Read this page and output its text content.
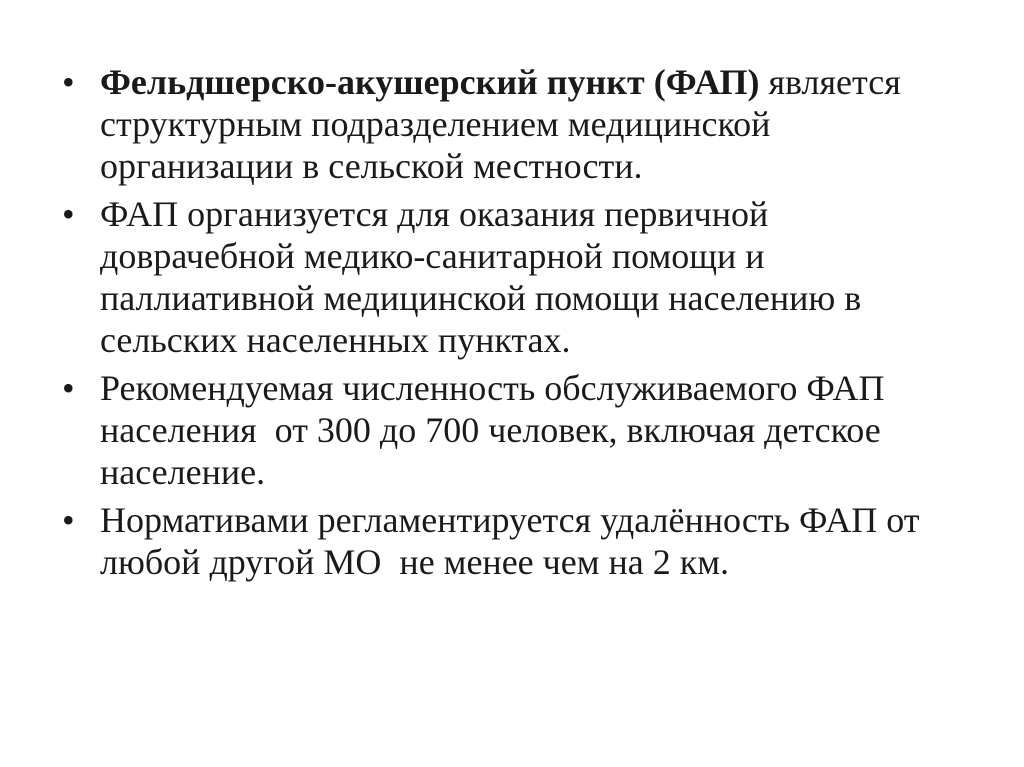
• Фельдшерско-акушерский пункт (ФАП) является структурным подразделением медицинской организации в сельской местности.
• ФАП организуется для оказания первичной доврачебной медико-санитарной помощи и паллиативной медицинской помощи населению в сельских населенных пунктах.
• Рекомендуемая численность обслуживаемого ФАП населения  от 300 до 700 человек, включая детское население.
• Нормативами регламентируется удалённость ФАП от любой другой МО  не менее чем на 2 км.
